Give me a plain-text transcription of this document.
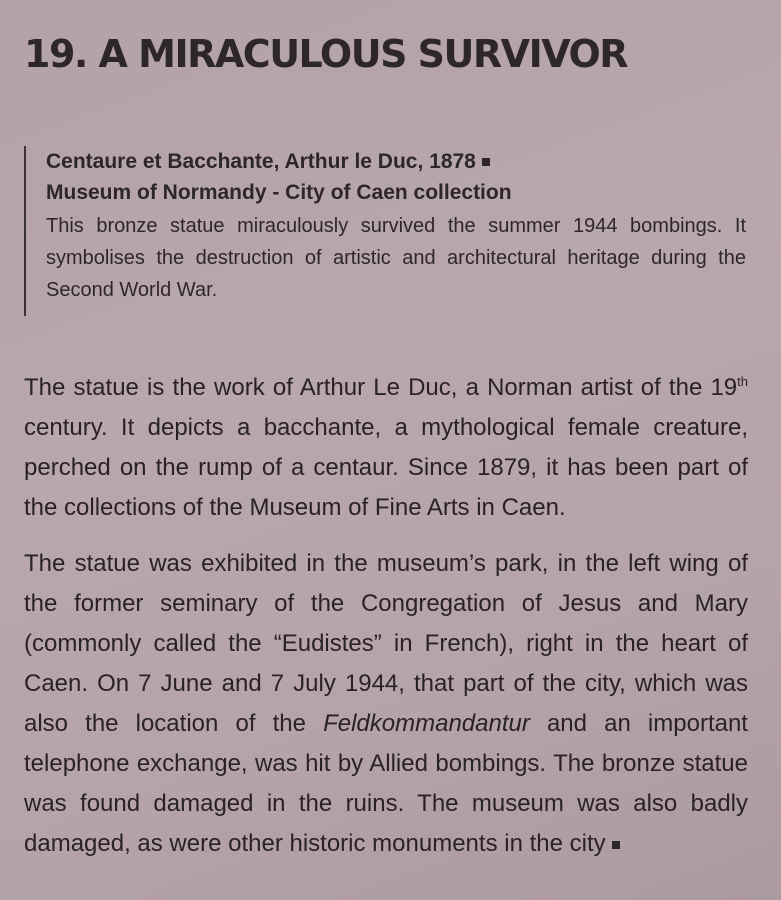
19. A MIRACULOUS SURVIVOR
Centaure et Bacchante, Arthur le Duc, 1878
Museum of Normandy - City of Caen collection
This bronze statue miraculously survived the summer 1944 bombings. It symbolises the destruction of artistic and architectural heritage during the Second World War.
The statue is the work of Arthur Le Duc, a Norman artist of the 19th century. It depicts a bacchante, a mythological female creature, perched on the rump of a centaur. Since 1879, it has been part of the collections of the Museum of Fine Arts in Caen.
The statue was exhibited in the museum’s park, in the left wing of the former seminary of the Congregation of Jesus and Mary (commonly called the “Eudistes” in French), right in the heart of Caen. On 7 June and 7 July 1944, that part of the city, which was also the location of the Feldkommandantur and an important telephone exchange, was hit by Allied bombings. The bronze statue was found damaged in the ruins. The museum was also badly damaged, as were other historic monuments in the city
